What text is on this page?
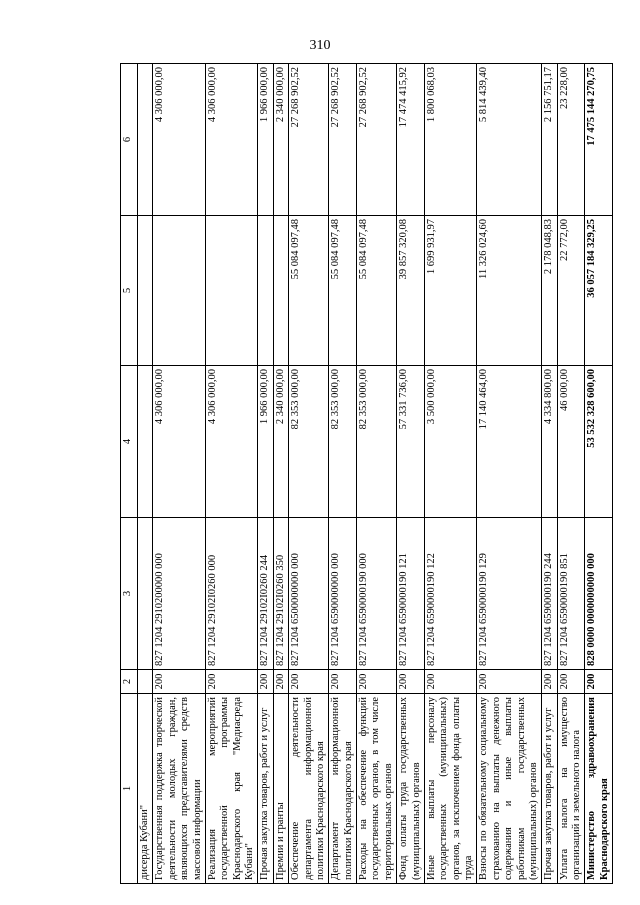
310
1	2	3	4	5	6
дисерда Кубани"					
Государственная поддержка творческой деятельности молодых граждан, являющихся представителями средств массовой информации	200	827 1204 2910200000 000	4 306 000,00		4 306 000,00
Реализация мероприятий государственной программы Краснодарского края "Медиасреда Кубани"	200	827 1204 29102I0260 000	4 306 000,00		4 306 000,00
Прочая закупка товаров, работ и услуг	200	827 1204 29102I0260 244	1 966 000,00		1 966 000,00
Премии и гранты	200	827 1204 29102I0260 350	2 340 000,00		2 340 000,00
Обеспечение деятельности департамента информационной политики Краснодарского края	200	827 1204 6500000000 000	82 353 000,00	55 084 097,48	27 268 902,52
Департамент информационной политики Краснодарского края	200	827 1204 6590000000 000	82 353 000,00	55 084 097,48	27 268 902,52
Расходы на обеспечение функций государственных органов, в том числе территориальных органов	200	827 1204 6590000190 000	82 353 000,00	55 084 097,48	27 268 902,52
Фонд оплаты труда государственных (муниципальных) органов	200	827 1204 6590000190 121	57 331 736,00	39 857 320,08	17 474 415,92
Иные выплаты персоналу государственных (муниципальных) органов, за исключением фонда оплаты труда	200	827 1204 6590000190 122	3 500 000,00	1 699 931,97	1 800 068,03
Взносы по обязательному социальному страхованию на выплаты денежного содержания и иные выплаты работникам государственных (муниципальных) органов	200	827 1204 6590000190 129	17 140 464,00	11 326 024,60	5 814 439,40
Прочая закупка товаров, работ и услуг	200	827 1204 6590000190 244	4 334 800,00	2 178 048,83	2 156 751,17
Уплата налога на имущество организаций и земельного налога	200	827 1204 6590000190 851	46 000,00	22 772,00	23 228,00
Министерство здравоохранения Краснодарского края	200	828 0000 0000000000 000	53 532 328 600,00	36 057 184 329,25	17 475 144 270,75
